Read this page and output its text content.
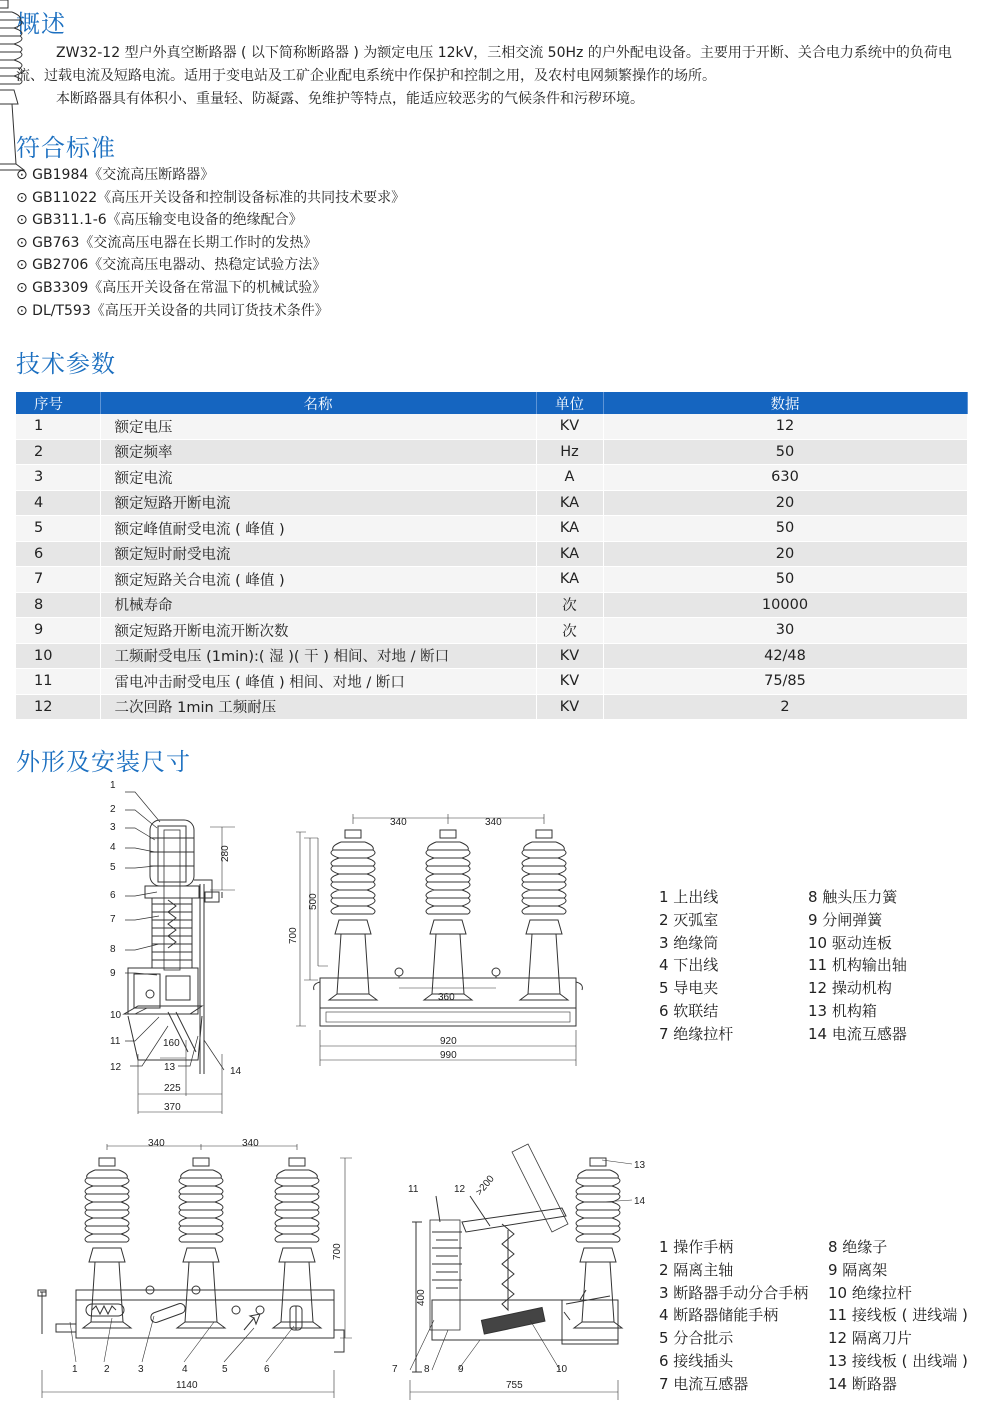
概述

ZW32-12 型户外真空断路器 ( 以下简称断路器 ) 为额定电压 12kV，三相交流 50Hz 的户外配电设备。主要用于开断、关合电力系统中的负荷电流、过载电流及短路电流。适用于变电站及工矿企业配电系统中作保护和控制之用，及农村电网频繁操作的场所。

本断路器具有体积小、重量轻、防凝露、免维护等特点，能适应较恶劣的气候条件和污秽环境。

符合标准
⊙ GB1984《交流高压断路器》
⊙ GB11022《高压开关设备和控制设备标准的共同技术要求》
⊙ GB311.1-6《高压输变电设备的绝缘配合》
⊙ GB763《交流高压电器在长期工作时的发热》
⊙ GB2706《交流高压电器动、热稳定试验方法》
⊙ GB3309《高压开关设备在常温下的机械试验》
⊙ DL/T593《高压开关设备的共同订货技术条件》
技术参数
序号	名称	单位	数据
1	额定电压	KV	12
2	额定频率	Hz	50
3	额定电流	A	630
4	额定短路开断电流	KA	20
5	额定峰值耐受电流 ( 峰值 )	KA	50
6	额定短时耐受电流	KA	20
7	额定短路关合电流 ( 峰值 )	KA	50
8	机械寿命	次	10000
9	额定短路开断电流开断次数	次	30
10	工频耐受电压 (1min):( 湿 )( 干 ) 相间、对地 / 断口	KV	42/48
11	雷电冲击耐受电压 ( 峰值 ) 相间、对地 / 断口	KV	75/85
12	二次回路 1min 工频耐压	KV	2
外形及安装尺寸
1
2
3
4
5
6
7
8
9
10
11
12	13	14
280
160
225
370
340	340
500
700
360
920
990
340	340
700
1140
1	2	3	4	5	6
>200
400
755
7	8	9	10
11	12
13
14
1 上出线
2 灭弧室
3 绝缘筒
4 下出线
5 导电夹
6 软联结
7 绝缘拉杆
8 触头压力簧
9 分闸弹簧
10 驱动连板
11 机构输出轴
12 操动机构
13 机构箱
14 电流互感器
1 操作手柄
2 隔离主轴
3 断路器手动分合手柄
4 断路器储能手柄
5 分合批示
6 接线插头
7 电流互感器
8 绝缘子
9 隔离架
10 绝缘拉杆
11 接线板 ( 进线端 )
12 隔离刀片
13 接线板 ( 出线端 )
14 断路器
